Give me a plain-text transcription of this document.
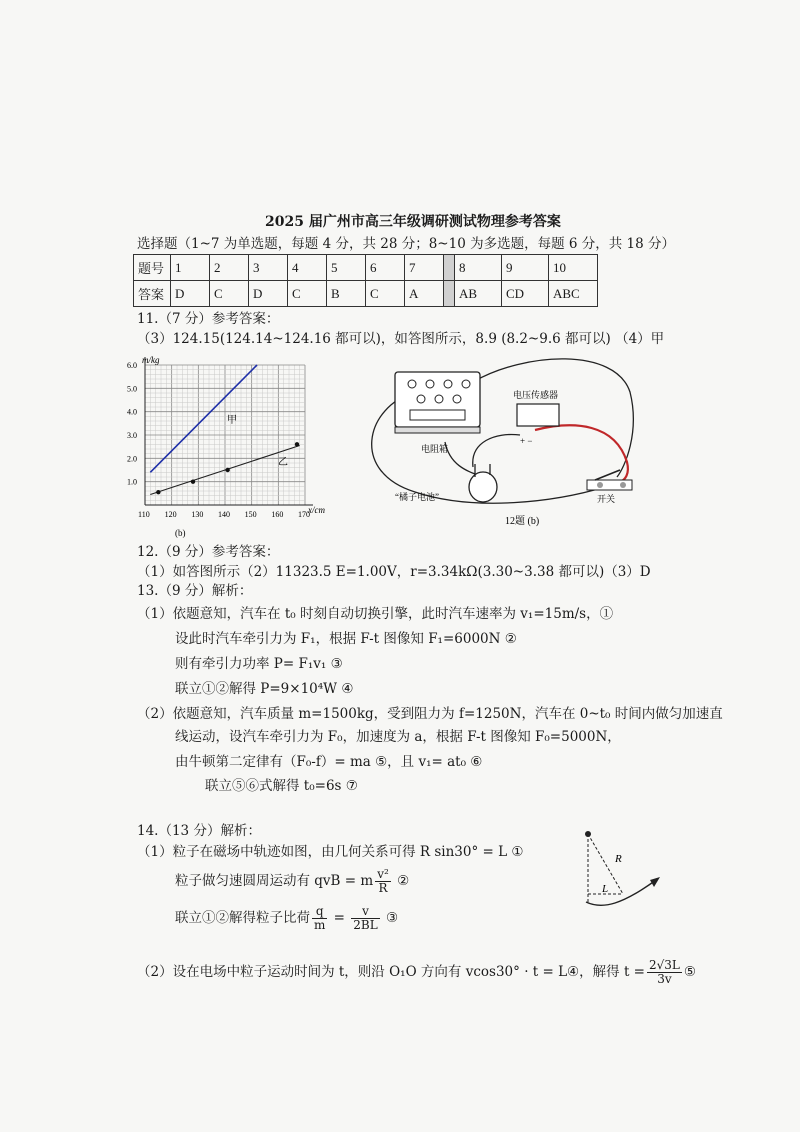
2025 届广州市高三年级调研测试物理参考答案
选择题（1~7 为单选题，每题 4 分，共 28 分；8~10 为多选题，每题 6 分，共 18 分）
题号	1	2	3	4	5	6	7		8	9	10
答案	D	C	D	C	B	C	A		AB	CD	ABC
11.（7 分）参考答案：
（3）124.15(124.14~124.16 都可以)，如答图所示，8.9 (8.2~9.6 都可以) （4）甲
110 120 130 140 150 160 170
1.0
2.0
3.0
4.0
5.0
6.0
m/kg
x/cm
甲
乙
(b)
电阻箱
电压传感器
+ −
“橘子电池”	开关
12题 (b)
12.（9 分）参考答案：
（1）如答图所示（2）11323.5 E=1.00V，r=3.34kΩ(3.30~3.38 都可以)（3）D
13.（9 分）解析：
（1）依题意知，汽车在 t₀ 时刻自动切换引擎，此时汽车速率为 v₁=15m/s，①
设此时汽车牵引力为 F₁，根据 F-t 图像知 F₁=6000N ②
则有牵引力功率 P= F₁v₁ ③
联立①②解得 P=9×10⁴W ④
（2）依题意知，汽车质量 m=1500kg，受到阻力为 f=1250N，汽车在 0~t₀ 时间内做匀加速直
线运动，设汽车牵引力为 F₀，加速度为 a，根据 F-t 图像知 F₀=5000N，
由牛顿第二定律有（F₀-f）= ma ⑤，且 v₁= at₀ ⑥
联立⑤⑥式解得 t₀=6s ⑦
14.（13 分）解析：
（1）粒子在磁场中轨迹如图，由几何关系可得 R sin30° = L ①
粒子做匀速圆周运动有 qvB = m $\frac{\text{v²}}{R}$ ②
联立①②解得粒子比荷 $\frac{q}{m} = \frac{v}{2BL}$ ③
（2）设在电场中粒子运动时间为 t，则沿 O₁O 方向有 vcos30° · t = L④，解得 $t = \frac{2√3L}{3v}$ ⑤
R
L
